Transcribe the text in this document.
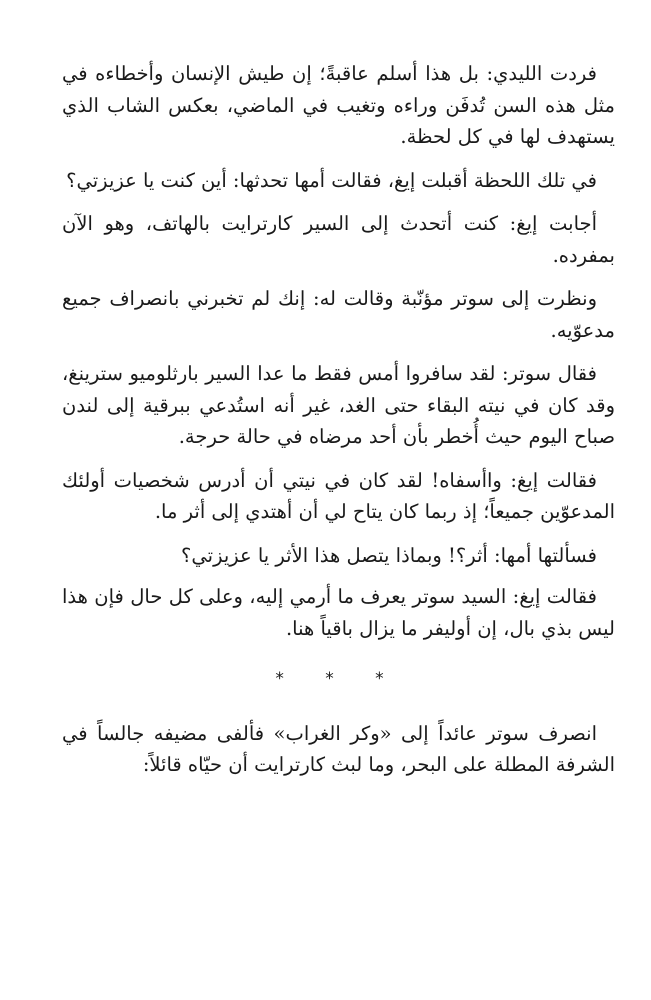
فردت الليدي: بل هذا أسلم عاقبةً؛ إن طيش الإنسان وأخطاءه في مثل هذه السن تُدفَن وراءه وتغيب في الماضي، بعكس الشاب الذي يستهدف لها في كل لحظة.

في تلك اللحظة أقبلت إيغ، فقالت أمها تحدثها: أين كنت يا عزيزتي؟

أجابت إيغ: كنت أتحدث إلى السير كارترايت بالهاتف، وهو الآن بمفرده.

ونظرت إلى سوتر مؤنّبة وقالت له: إنك لم تخبرني بانصراف جميع مدعوّيه.

فقال سوتر: لقد سافروا أمس فقط ما عدا السير بارثلوميو سترينغ، وقد كان في نيته البقاء حتى الغد، غير أنه استُدعي ببرقية إلى لندن صباح اليوم حيث أُخطر بأن أحد مرضاه في حالة حرجة.

فقالت إيغ: واأسفاه! لقد كان في نيتي أن أدرس شخصيات أولئك المدعوّين جميعاً؛ إذ ربما كان يتاح لي أن أهتدي إلى أثر ما.

فسألتها أمها: أثر؟! وبماذا يتصل هذا الأثر يا عزيزتي؟

فقالت إيغ: السيد سوتر يعرف ما أرمي إليه، وعلى كل حال فإن هذا ليس بذي بال، إن أوليفر ما يزال باقياً هنا.

* * *

انصرف سوتر عائداً إلى «وكر الغراب» فألفى مضيفه جالساً في الشرفة المطلة على البحر، وما لبث كارترايت أن حيّاه قائلاً:
